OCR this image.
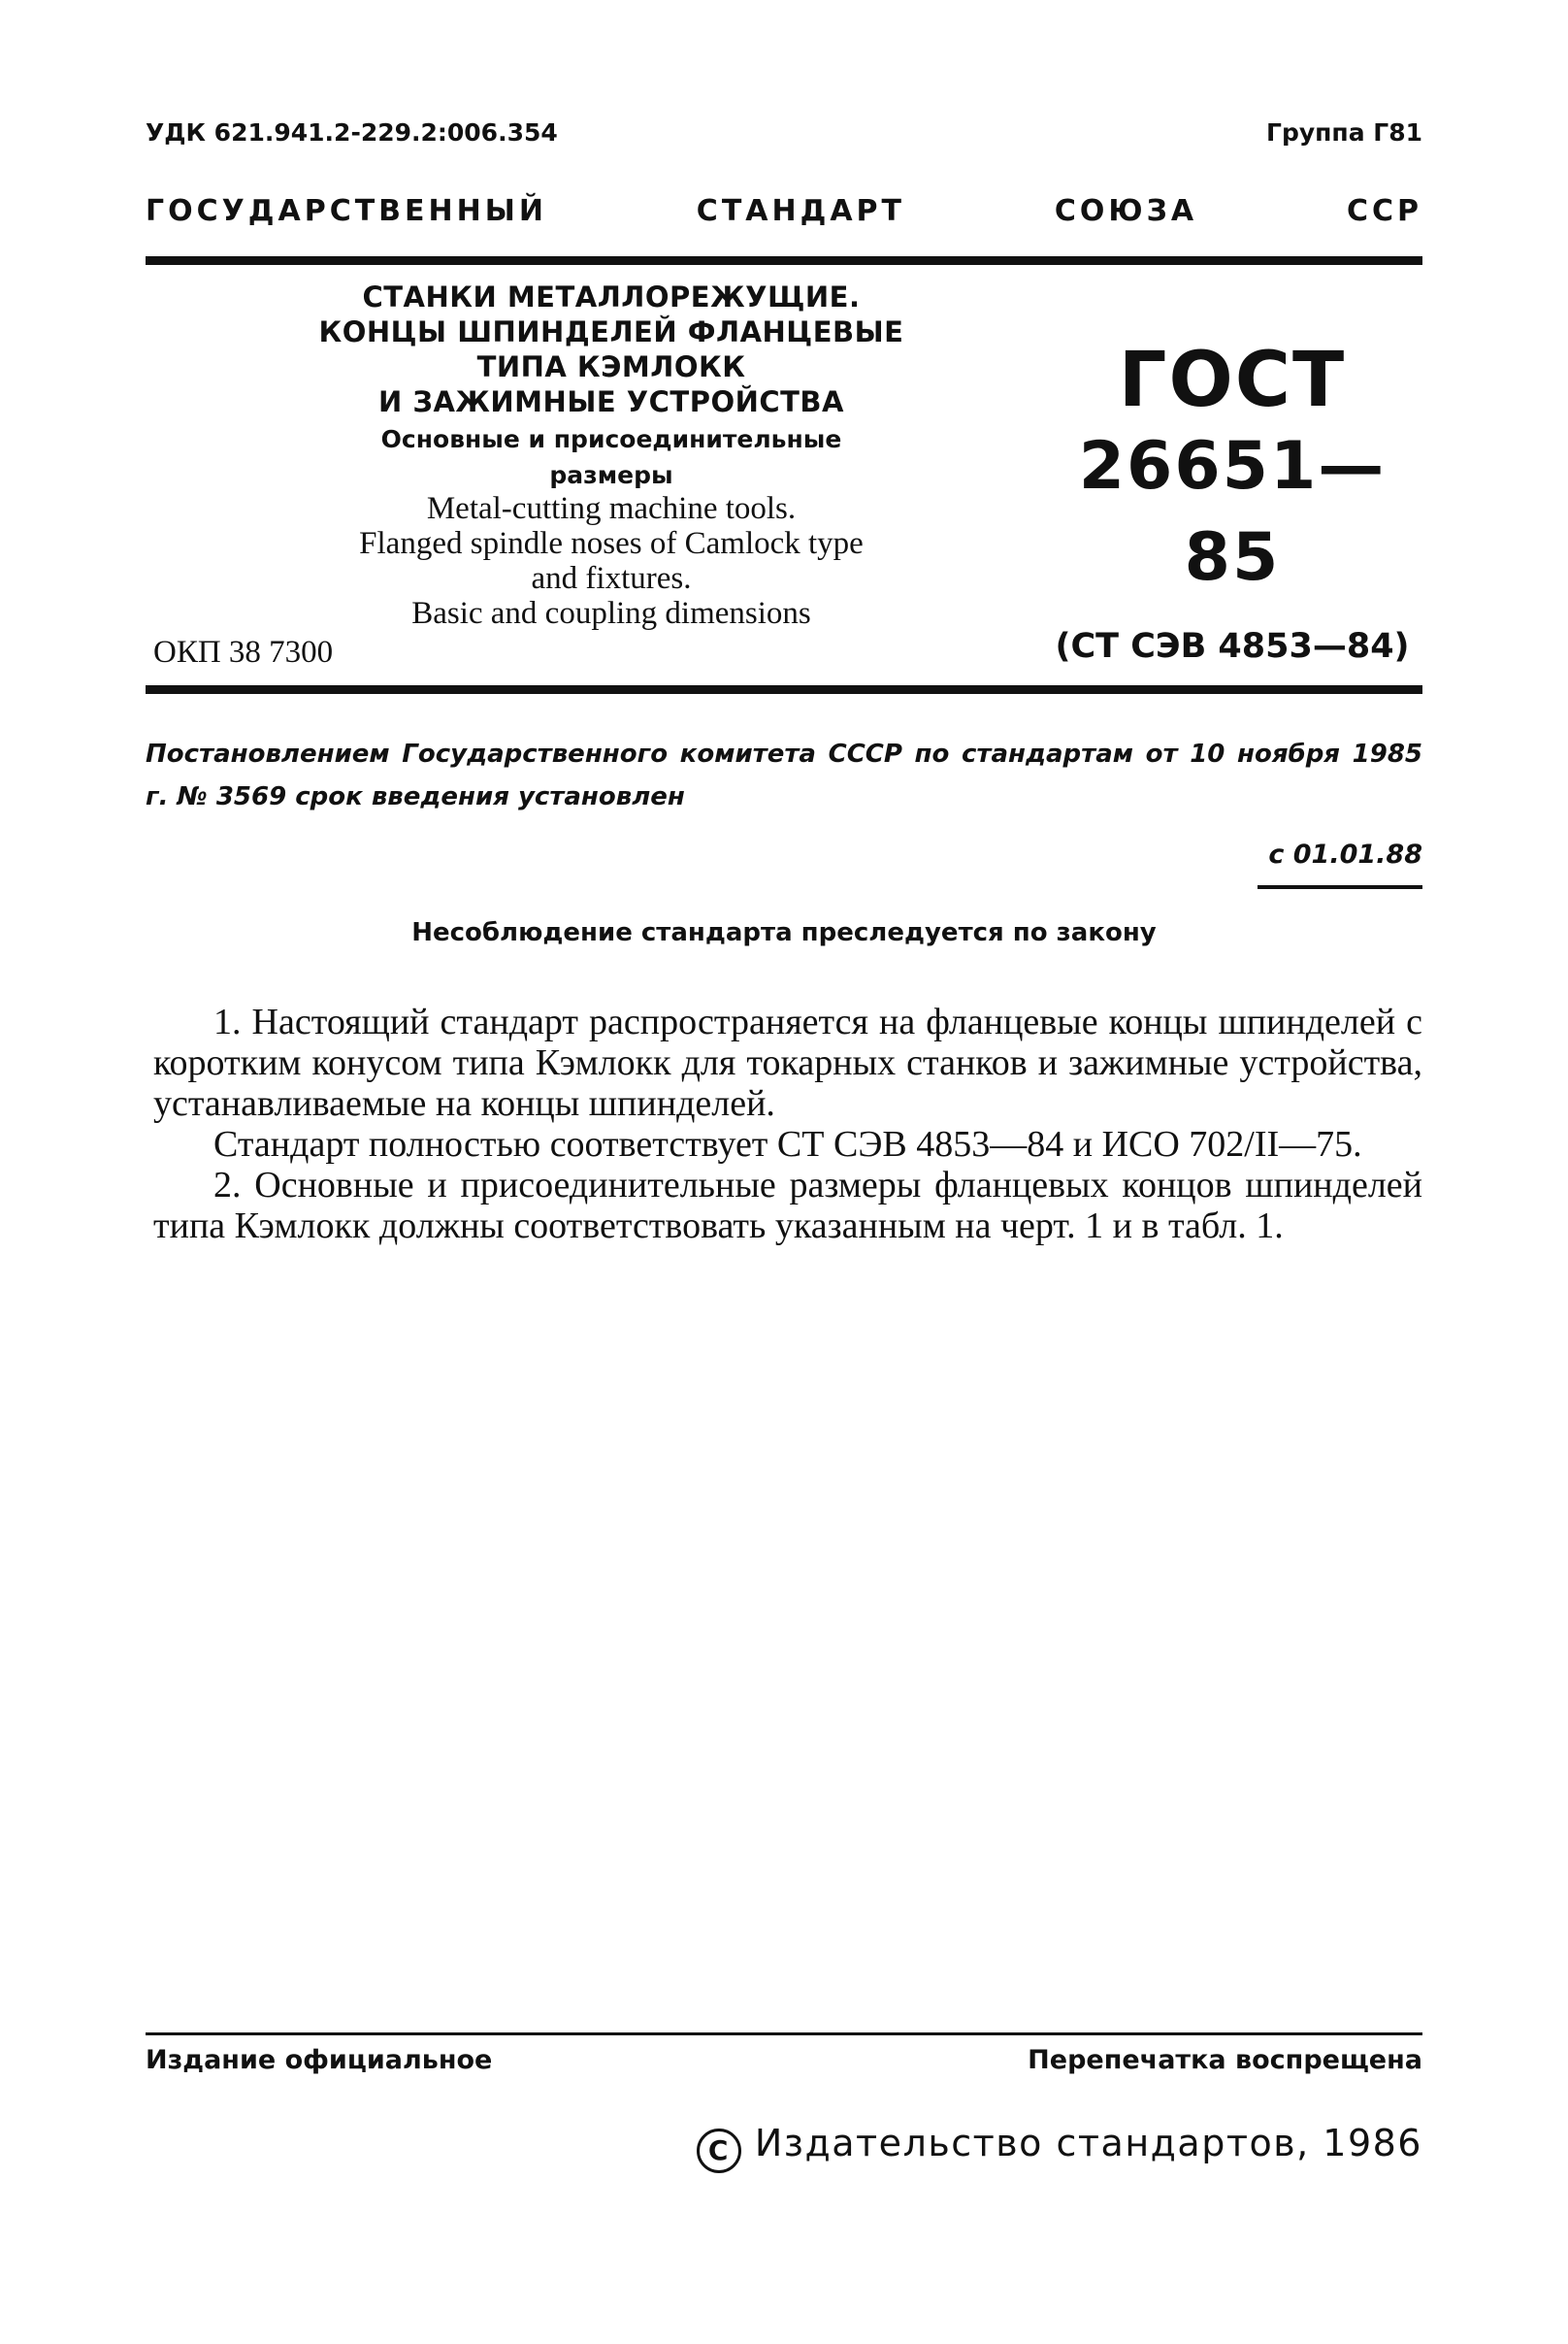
УДК 621.941.2-229.2:006.354	Группа Г81
ГОСУДАРСТВЕННЫЙ СТАНДАРТ СОЮЗА ССР
СТАНКИ МЕТАЛЛОРЕЖУЩИЕ.
КОНЦЫ ШПИНДЕЛЕЙ ФЛАНЦЕВЫЕ
ТИПА КЭМЛОКК
И ЗАЖИМНЫЕ УСТРОЙСТВА
Основные и присоединительные
размеры
Metal-cutting machine tools.
Flanged spindle noses of Camlock type
and fixtures.
Basic and coupling dimensions
ОКП 38 7300
ГОСТ
26651—85
(СТ СЭВ 4853—84)
Постановлением Государственного комитета СССР по стандартам от 10 ноября 1985 г. № 3569 срок введения установлен
с 01.01.88
Несоблюдение стандарта преследуется по закону

1. Настоящий стандарт распространяется на фланцевые концы шпинделей с коротким конусом типа Кэмлокк для токарных станков и зажимные устройства, устанавливаемые на концы шпинделей.

Стандарт полностью соответствует СТ СЭВ 4853—84 и ИСО 702/II—75.

2. Основные и присоединительные размеры фланцевых концов шпинделей типа Кэмлокк должны соответствовать указанным на черт. 1 и в табл. 1.

Издание официальное	Перепечатка воспрещена
C Издательство стандартов, 1986
